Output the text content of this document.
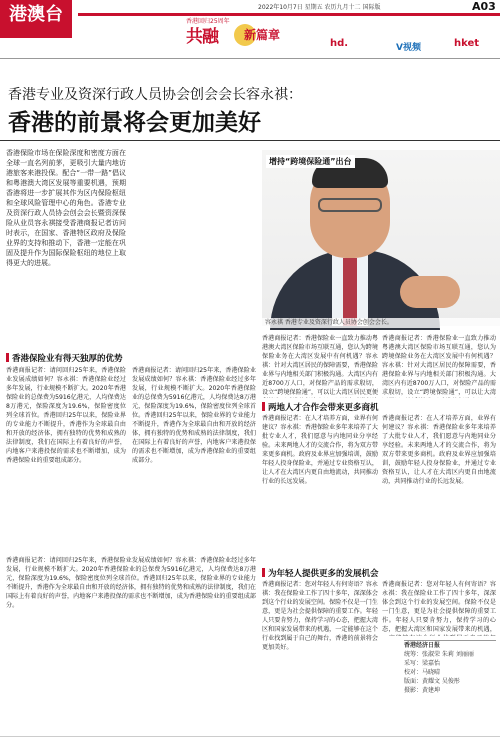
港澳台	2022年10月7日 星期五 农历九月十二 国际版	A03
香港回归25周年
共融 新篇章
hd.	V视频	hket
香港专业及资深行政人员协会创会会长容永祺：
香港的前景将会更加美好
香港保险市场在保险深度和密度方面在全球一直名列前茅，更吸引大量内地访港旅客来港投保。配合“一带一路”倡议和粤港澳大湾区发展等重要机遇，预期香港将进一步扩展其作为区内保险枢纽和全球风险管理中心的角色。香港专业及资深行政人员协会创会会长暨资深保险从业员容永祺接受香港商报记者访问时表示，在国家、香港特区政府及保险业界的支持和推动下，香港一定能在巩固及提升作为国际保险枢纽的地位上取得更大的进展。
容永祺 香港专业及资深行政人员协会创会会长。
香港保险业有得天独厚的优势
香港商报记者：请问回归25年来，香港保险业发展成绩如何？容永祺：香港保险业经过多年发展，行业规模不断扩大。2020年香港保险业的总保费为5916亿港元，人均保费达8万港元，保险深度为19.6%，保险密度位列全球首位。香港回归25年以来，保险业界的专业能力不断提升，香港作为全球最自由和开放的经济体，拥有独特的优势和成熟的法律制度，我们在国际上有着良好的声誉，内地客户来港投保的需求也不断增加，成为香港保险业的重要组成部分。
香港商报记者：请问回归25年来，香港保险业发展成绩如何？容永祺：香港保险业经过多年发展，行业规模不断扩大。2020年香港保险业的总保费为5916亿港元，人均保费达8万港元，保险深度为19.6%，保险密度位列全球首位。香港回归25年以来，保险业界的专业能力不断提升，香港作为全球最自由和开放的经济体，拥有独特的优势和成熟的法律制度，我们在国际上有着良好的声誉，内地客户来港投保的需求也不断增加，成为香港保险业的重要组成部分。
增持“跨境保险通”出台
香港商报记者：香港保险业一直致力推动粤港澳大湾区保险市场互联互通，您认为跨境保险业务在大湾区发展中有何机遇？容永祺：针对大湾区居民的保障需要，香港保险业界与内地相关部门积极沟通。大湾区内有近8700万人口，对保险产品的需求殷切，设立“跨境保险通”，可以让大湾区居民更便
香港商报记者：香港保险业一直致力推动粤港澳大湾区保险市场互联互通，您认为跨境保险业务在大湾区发展中有何机遇？容永祺：针对大湾区居民的保障需要，香港保险业界与内地相关部门积极沟通。大湾区内有近8700万人口，对保险产品的需求殷切，设立“跨境保险通”，可以让大湾
两地人才合作会带来更多商机
香港商报记者：在人才培养方面，业界有何建议？容永祺：香港保险业多年来培养了大批专业人才，我们愿意与内地同业分享经验。未来两地人才的交流合作，将为双方带来更多商机。政府及业界应加强培训，鼓励年轻人投身保险业，并通过专业资格互认，让人才在大湾区内更自由地流动，共同推动行业的长远发展。
香港商报记者：在人才培养方面，业界有何建议？容永祺：香港保险业多年来培养了大批专业人才，我们愿意与内地同业分享经验。未来两地人才的交流合作，将为双方带来更多商机。政府及业界应加强培训，鼓励年轻人投身保险业，并通过专业资格互认，让人才在大湾区内更自由地流动，共同推动行业的长远发展。
为年轻人提供更多的发展机会
香港商报记者：您对年轻人有何寄语？容永祺：我在保险业工作了四十多年，深深体会到这个行业的发展空间。保险不仅是一门生意，更是为社会提供保障的重要工作。年轻人只要肯努力，保持学习的心态，把握大湾区和国家发展带来的机遇，一定能够在这个行业找到属于自己的舞台，香港的前景将会更加美好。
香港商报记者：您对年轻人有何寄语？容永祺：我在保险业工作了四十多年，深深体会到这个行业的发展空间。保险不仅是一门生意，更是为社会提供保障的重要工作。年轻人只要肯努力，保持学习的心态，把握大湾区和国家发展带来的机遇，
香港商报记者：请问回归25年来，香港保险业发展成绩如何？容永祺：香港保险业经过多年发展，行业规模不断扩大。2020年香港保险业的总保费为5916亿港元，人均保费达8万港元，保险深度为19.6%，保险密度位列全球首位。香港回归25年以来，保险业界的专业能力不断提升，香港作为全球最自由和开放的经济体，拥有独特的优势和成熟的法律制度，我们在国际上有着良好的声誉，内地客户来港投保的需求也不断增加，成为香港保险业的重要组成部分。
香港经济日报
统筹：张淑荣 朱莉 刘丽丽
采写：梁嘉怡
校对：马晓晴
版面：黄耀文 吴俊彤
摄影：黄建坤
